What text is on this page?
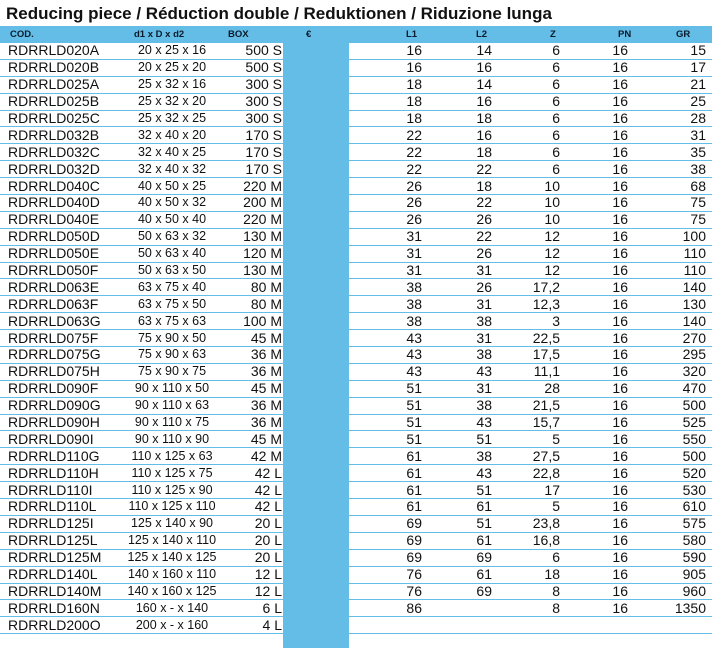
Reducing piece / Réduction double / Reduktionen / Riduzione lunga
COD.	d1 x D x d2	BOX	€	L1	L2	Z	PN	GR
RDRRLD020A	20 x 25 x 16	500 S	16	14	6	16	15
RDRRLD020B	20 x 25 x 20	500 S	16	16	6	16	17
RDRRLD025A	25 x 32 x 16	300 S	18	14	6	16	21
RDRRLD025B	25 x 32 x 20	300 S	18	16	6	16	25
RDRRLD025C	25 x 32 x 25	300 S	18	18	6	16	28
RDRRLD032B	32 x 40 x 20	170 S	22	16	6	16	31
RDRRLD032C	32 x 40 x 25	170 S	22	18	6	16	35
RDRRLD032D	32 x 40 x 32	170 S	22	22	6	16	38
RDRRLD040C	40 x 50 x 25	220 M	26	18	10	16	68
RDRRLD040D	40 x 50 x 32	200 M	26	22	10	16	75
RDRRLD040E	40 x 50 x 40	220 M	26	26	10	16	75
RDRRLD050D	50 x 63 x 32	130 M	31	22	12	16	100
RDRRLD050E	50 x 63 x 40	120 M	31	26	12	16	110
RDRRLD050F	50 x 63 x 50	130 M	31	31	12	16	110
RDRRLD063E	63 x 75 x 40	80 M	38	26	17,2	16	140
RDRRLD063F	63 x 75 x 50	80 M	38	31	12,3	16	130
RDRRLD063G	63 x 75 x 63	100 M	38	38	3	16	140
RDRRLD075F	75 x 90 x 50	45 M	43	31	22,5	16	270
RDRRLD075G	75 x 90 x 63	36 M	43	38	17,5	16	295
RDRRLD075H	75 x 90 x 75	36 M	43	43	11,1	16	320
RDRRLD090F	90 x 110 x 50	45 M	51	31	28	16	470
RDRRLD090G	90 x 110 x 63	36 M	51	38	21,5	16	500
RDRRLD090H	90 x 110 x 75	36 M	51	43	15,7	16	525
RDRRLD090I	90 x 110 x 90	45 M	51	51	5	16	550
RDRRLD110G	110 x 125 x 63	42 M	61	38	27,5	16	500
RDRRLD110H	110 x 125 x 75	42 L	61	43	22,8	16	520
RDRRLD110I	110 x 125 x 90	42 L	61	51	17	16	530
RDRRLD110L	110 x 125 x 110	42 L	61	61	5	16	610
RDRRLD125I	125 x 140 x 90	20 L	69	51	23,8	16	575
RDRRLD125L	125 x 140 x 110	20 L	69	61	16,8	16	580
RDRRLD125M	125 x 140 x 125	20 L	69	69	6	16	590
RDRRLD140L	140 x 160 x 110	12 L	76	61	18	16	905
RDRRLD140M	140 x 160 x 125	12 L	76	69	8	16	960
RDRRLD160N	160 x - x 140	6 L	86		8	16	1350
RDRRLD200O	200 x - x 160	4 L					
